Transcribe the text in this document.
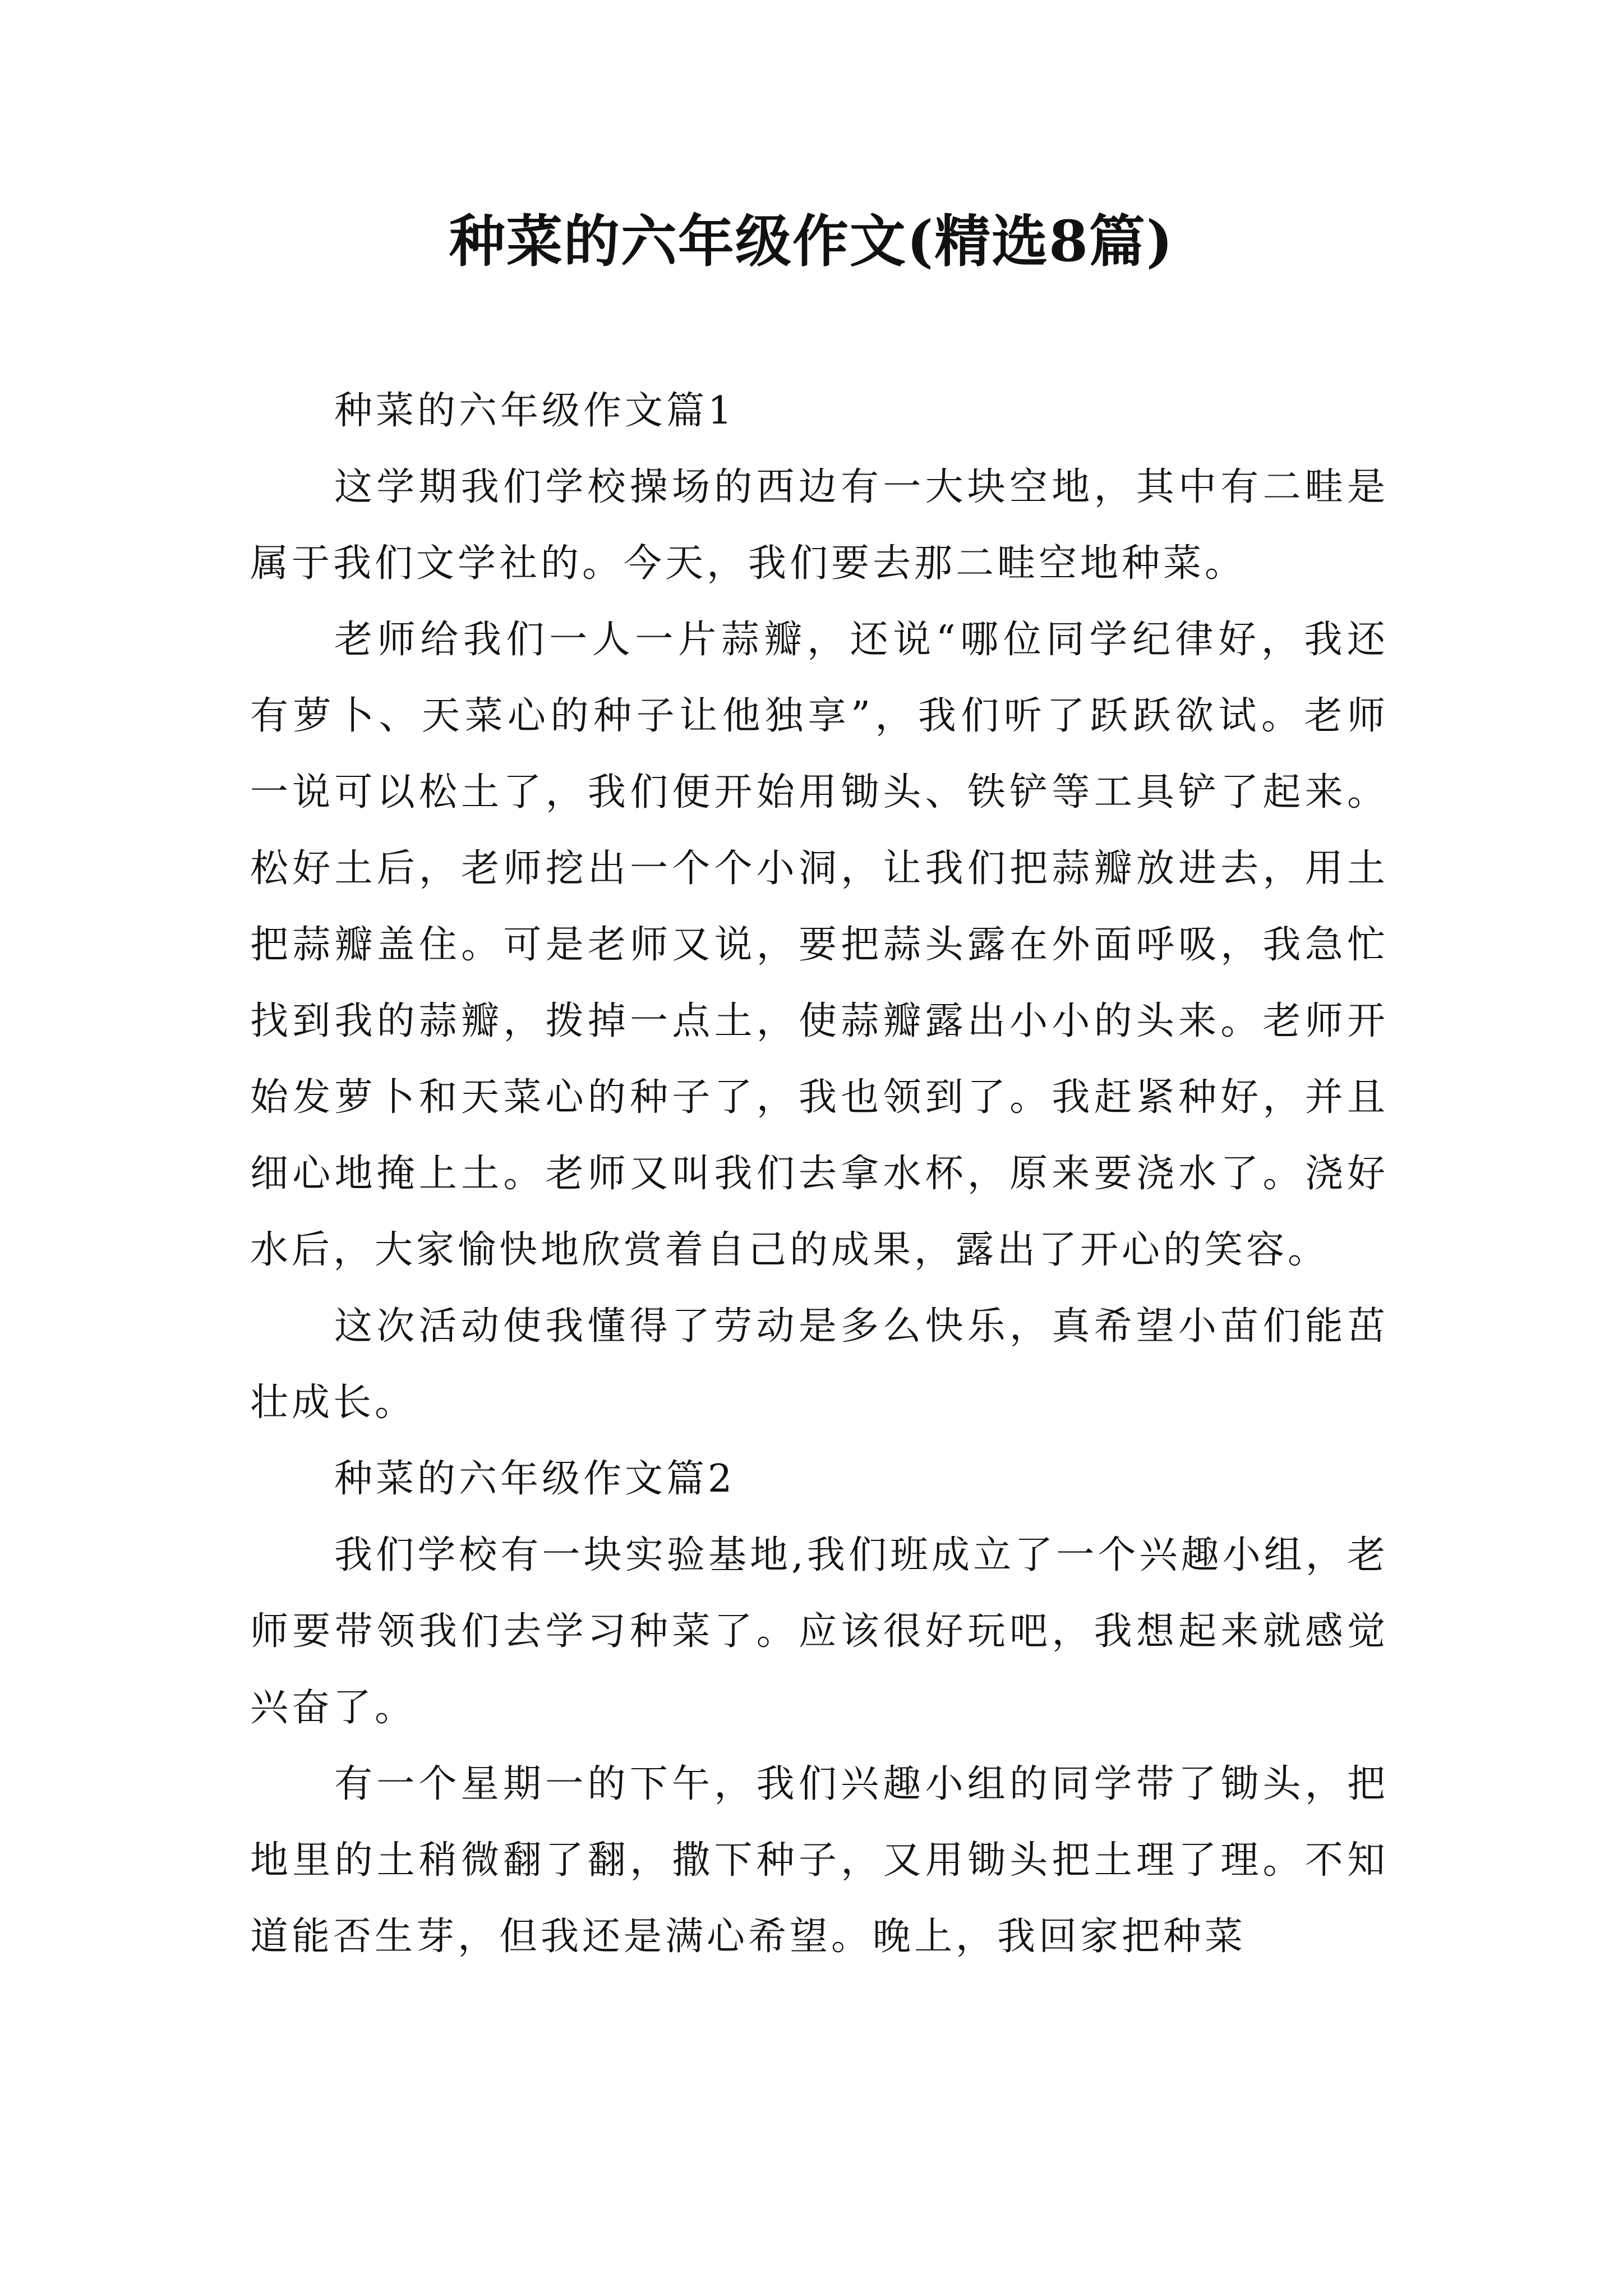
种菜的六年级作文(精选8篇)

种菜的六年级作文篇1

这学期我们学校操场的西边有一大块空地，其中有二畦是属于我们文学社的。今天，我们要去那二畦空地种菜。

老师给我们一人一片蒜瓣，还说“哪位同学纪律好，我还有萝卜、天菜心的种子让他独享”，我们听了跃跃欲试。老师一说可以松土了，我们便开始用锄头、铁铲等工具铲了起来。松好土后，老师挖出一个个小洞，让我们把蒜瓣放进去，用土把蒜瓣盖住。可是老师又说，要把蒜头露在外面呼吸，我急忙找到我的蒜瓣，拨掉一点土，使蒜瓣露出小小的头来。老师开始发萝卜和天菜心的种子了，我也领到了。我赶紧种好，并且细心地掩上土。老师又叫我们去拿水杯，原来要浇水了。浇好水后，大家愉快地欣赏着自己的成果，露出了开心的笑容。

这次活动使我懂得了劳动是多么快乐，真希望小苗们能茁壮成长。

种菜的六年级作文篇2

我们学校有一块实验基地,我们班成立了一个兴趣小组，老师要带领我们去学习种菜了。应该很好玩吧，我想起来就感觉兴奋了。

有一个星期一的下午，我们兴趣小组的同学带了锄头，把地里的土稍微翻了翻，撒下种子，又用锄头把土理了理。不知道能否生芽，但我还是满心希望。晚上，我回家把种菜
